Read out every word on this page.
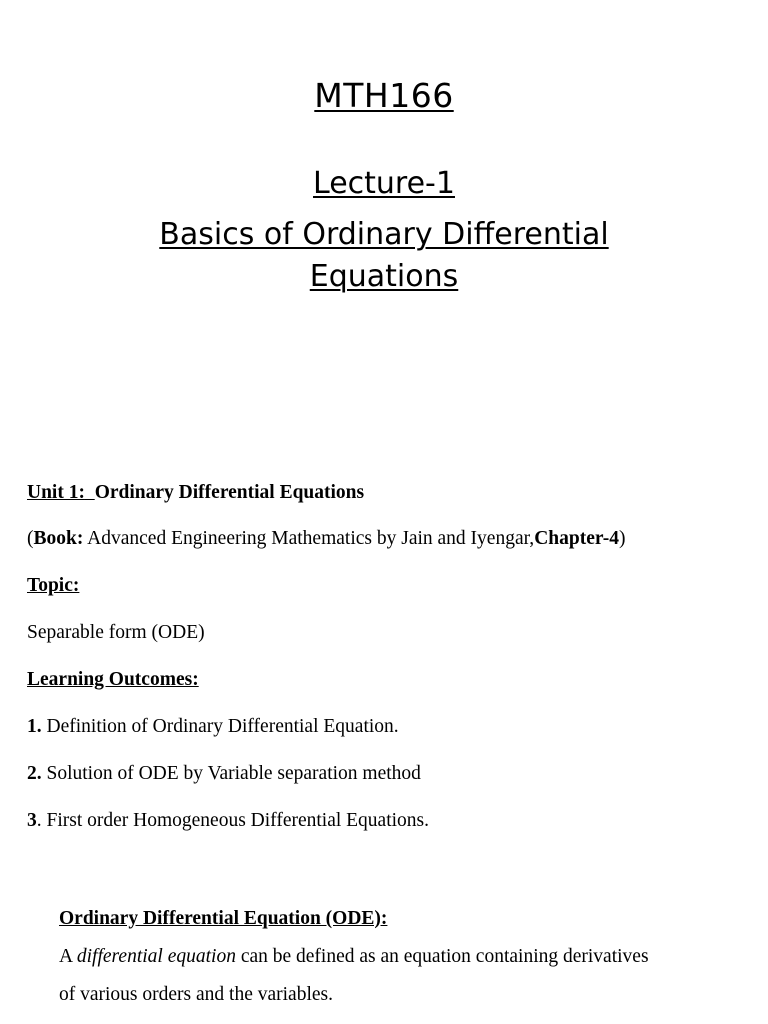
MTH166
Lecture-1
Basics of Ordinary Differential
Equations
Unit 1: Ordinary Differential Equations
(Book: Advanced Engineering Mathematics by Jain and Iyengar,Chapter-4)
Topic:
Separable form (ODE)
Learning Outcomes:
1. Definition of Ordinary Differential Equation.
2. Solution of ODE by Variable separation method
3. First order Homogeneous Differential Equations.
Ordinary Differential Equation (ODE):
A differential equation can be defined as an equation containing derivatives
of various orders and the variables.
